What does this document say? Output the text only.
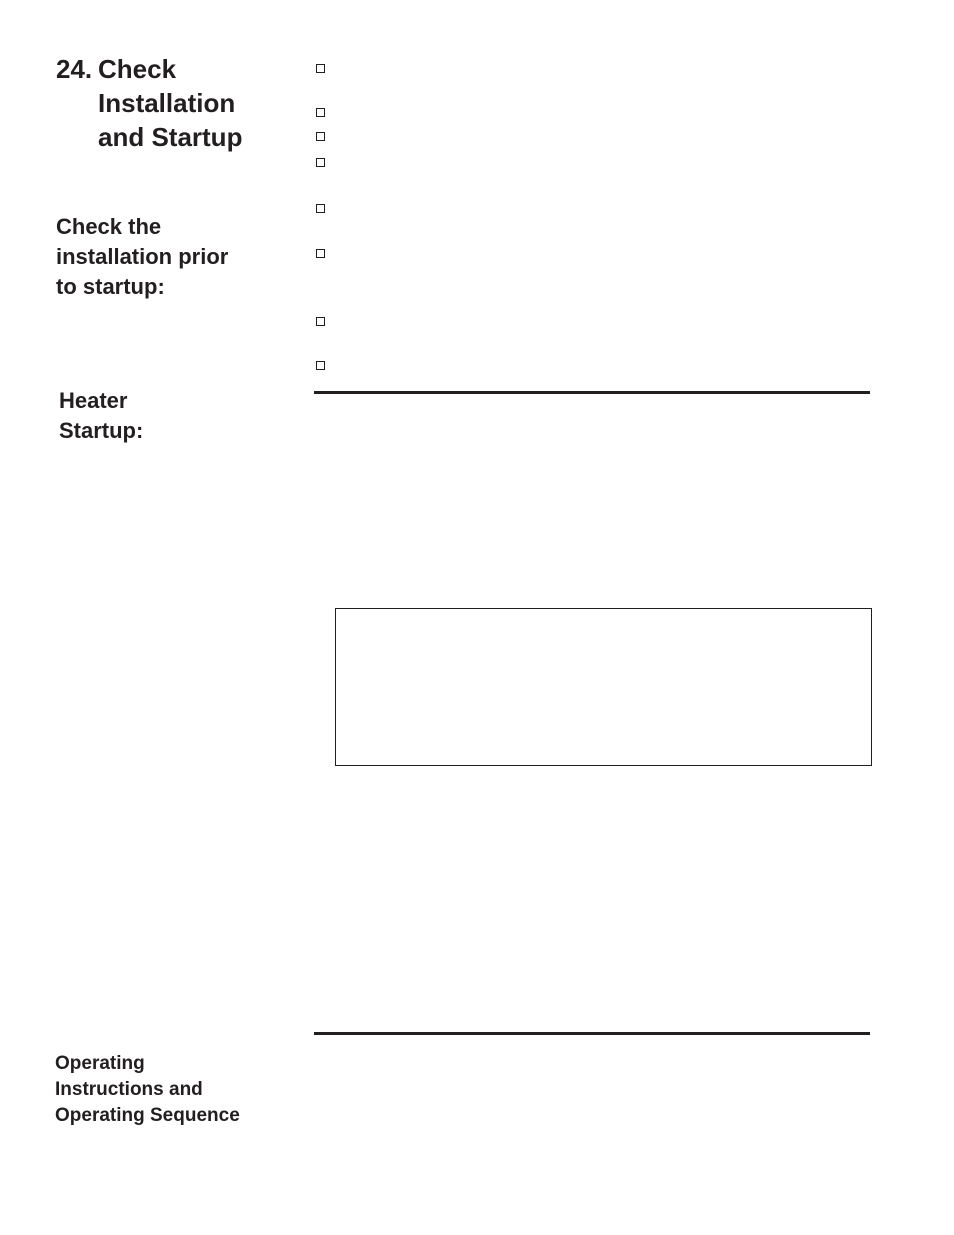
24. Check
Installation
and Startup
Check the
installation prior
to startup:
Heater
Startup:
Operating
Instructions and
Operating Sequence
